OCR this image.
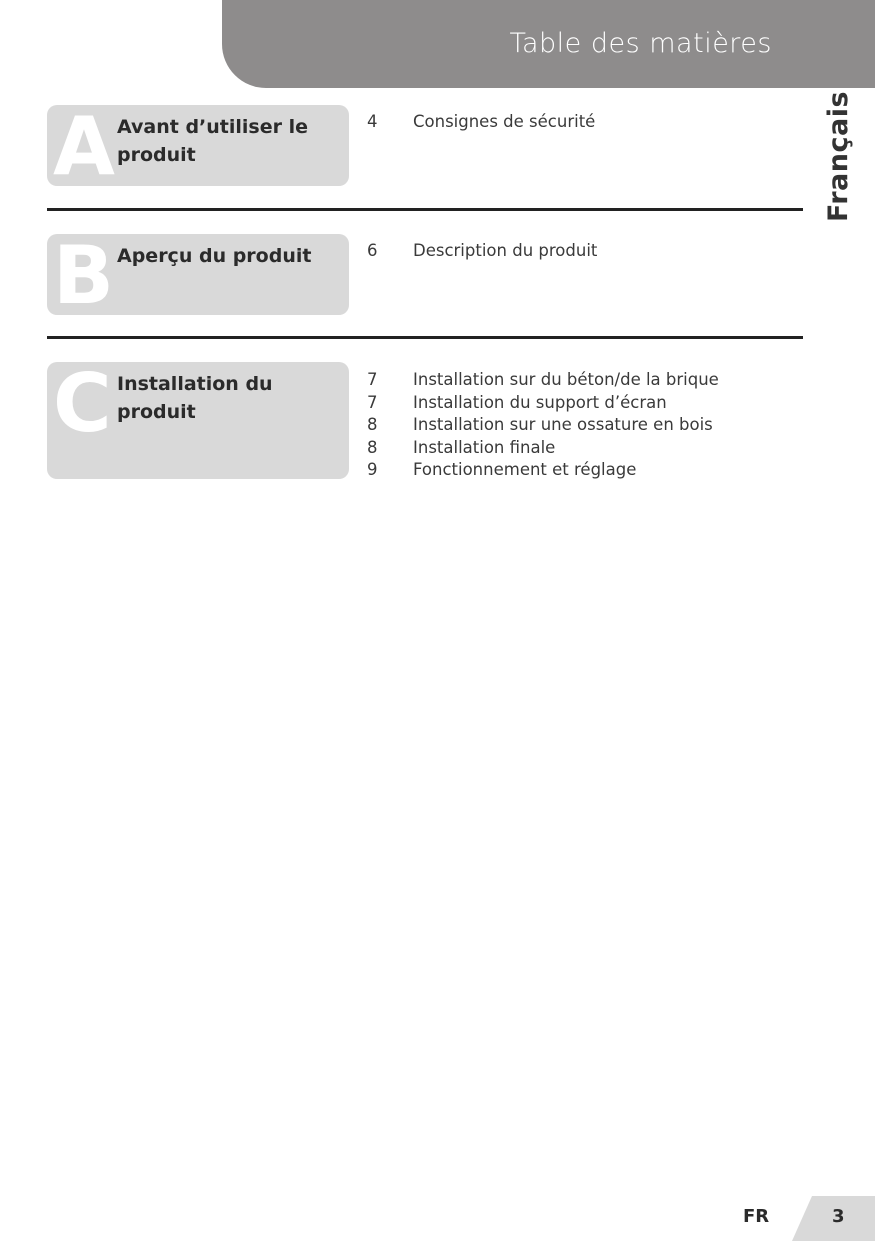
Table des matières
Français
A Avant d’utiliser le produit
4	Consignes de sécurité
B Aperçu du produit	6	Description du produit
C Installation du produit
7	Installation sur du béton/de la brique
7	Installation du support d’écran
8	Installation sur une ossature en bois
8	Installation finale
9	Fonctionnement et réglage
FR	3
